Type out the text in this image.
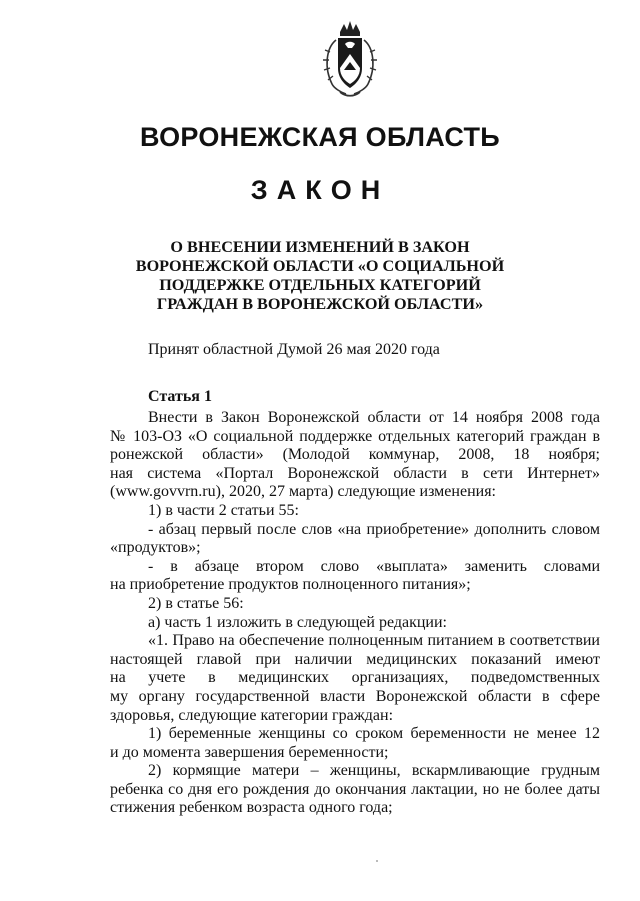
ВОРОНЕЖСКАЯ ОБЛАСТЬ
ЗАКОН
О ВНЕСЕНИИ ИЗМЕНЕНИЙ В ЗАКОН
ВОРОНЕЖСКОЙ ОБЛАСТИ «О СОЦИАЛЬНОЙ
ПОДДЕРЖКЕ ОТДЕЛЬНЫХ КАТЕГОРИЙ
ГРАЖДАН В ВОРОНЕЖСКОЙ ОБЛАСТИ»
Принят областной Думой 26 мая 2020 года
Статья 1
Внести в Закон Воронежской области от 14 ноября 2008 года
№ 103-ОЗ «О социальной поддержке отдельных категорий граждан в
ронежской области» (Молодой коммунар, 2008, 18 ноября;
ная система «Портал Воронежской области в сети Интернет»
(www.govvrn.ru), 2020, 27 марта) следующие изменения:
1) в части 2 статьи 55:
- абзац первый после слов «на приобретение» дополнить словом
«продуктов»;
- в абзаце втором слово «выплата» заменить словами
на приобретение продуктов полноценного питания»;
2) в статье 56:
а) часть 1 изложить в следующей редакции:
«1. Право на обеспечение полноценным питанием в соответствии
настоящей главой при наличии медицинских показаний имеют
на учете в медицинских организациях, подведомственных
му органу государственной власти Воронежской области в сфере
здоровья, следующие категории граждан:
1) беременные женщины со сроком беременности не менее 12
и до момента завершения беременности;
2) кормящие матери – женщины, вскармливающие грудным
ребенка со дня его рождения до окончания лактации, но не более даты
стижения ребенком возраста одного года;
